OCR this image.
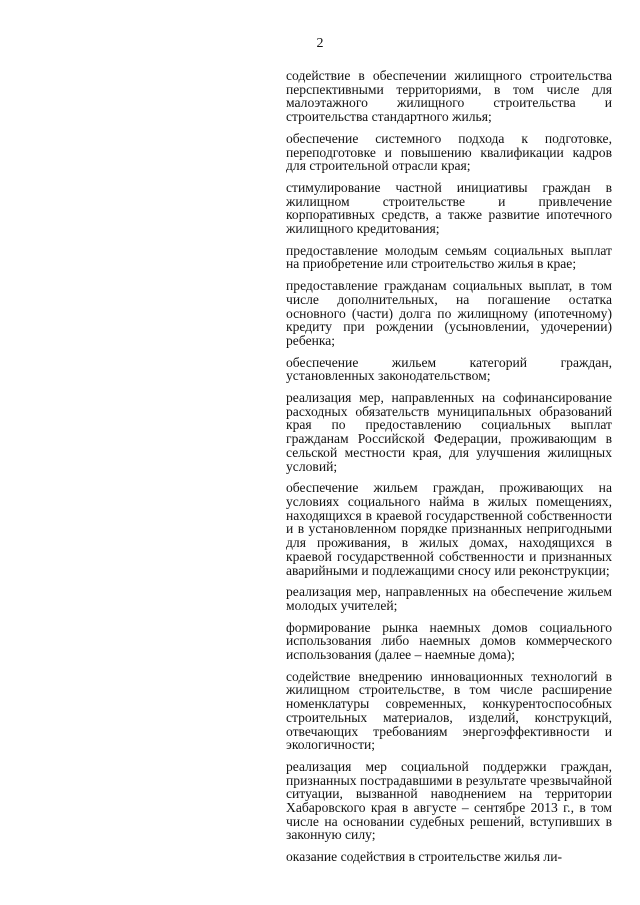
2

содействие в обеспечении жилищного строительства перспективными территориями, в том числе для малоэтажного жилищного строительства и строительства стандартного жилья;

обеспечение системного подхода к подготовке, переподготовке и повышению квалификации кадров для строительной отрасли края;

стимулирование частной инициативы граждан в жилищном строительстве и привлечение корпоративных средств, а также развитие ипотечного жилищного кредитования;

предоставление молодым семьям социальных выплат на приобретение или строительство жилья в крае;

предоставление гражданам социальных выплат, в том числе дополнительных, на погашение остатка основного (части) долга по жилищному (ипотечному) кредиту при рождении (усыновлении, удочерении) ребенка;

обеспечение жильем категорий граждан, установленных законодательством;

реализация мер, направленных на софинансирование расходных обязательств муниципальных образований края по предоставлению социальных выплат гражданам Российской Федерации, проживающим в сельской местности края, для улучшения жилищных условий;

обеспечение жильем граждан, проживающих на условиях социального найма в жилых помещениях, находящихся в краевой государственной собственности и в установленном порядке признанных непригодными для проживания, в жилых домах, находящихся в краевой государственной собственности и признанных аварийными и подлежащими сносу или реконструкции;

реализация мер, направленных на обеспечение жильем молодых учителей;

формирование рынка наемных домов социального использования либо наемных домов коммерческого использования (далее – наемные дома);

содействие внедрению инновационных технологий в жилищном строительстве, в том числе расширение номенклатуры современных, конкурентоспособных строительных материалов, изделий, конструкций, отвечающих требованиям энергоэффективности и экологичности;

реализация мер социальной поддержки граждан, признанных пострадавшими в результате чрезвычайной ситуации, вызванной наводнением на территории Хабаровского края в августе – сентябре 2013 г., в том числе на основании судебных решений, вступивших в законную силу;

оказание содействия в строительстве жилья ли-
